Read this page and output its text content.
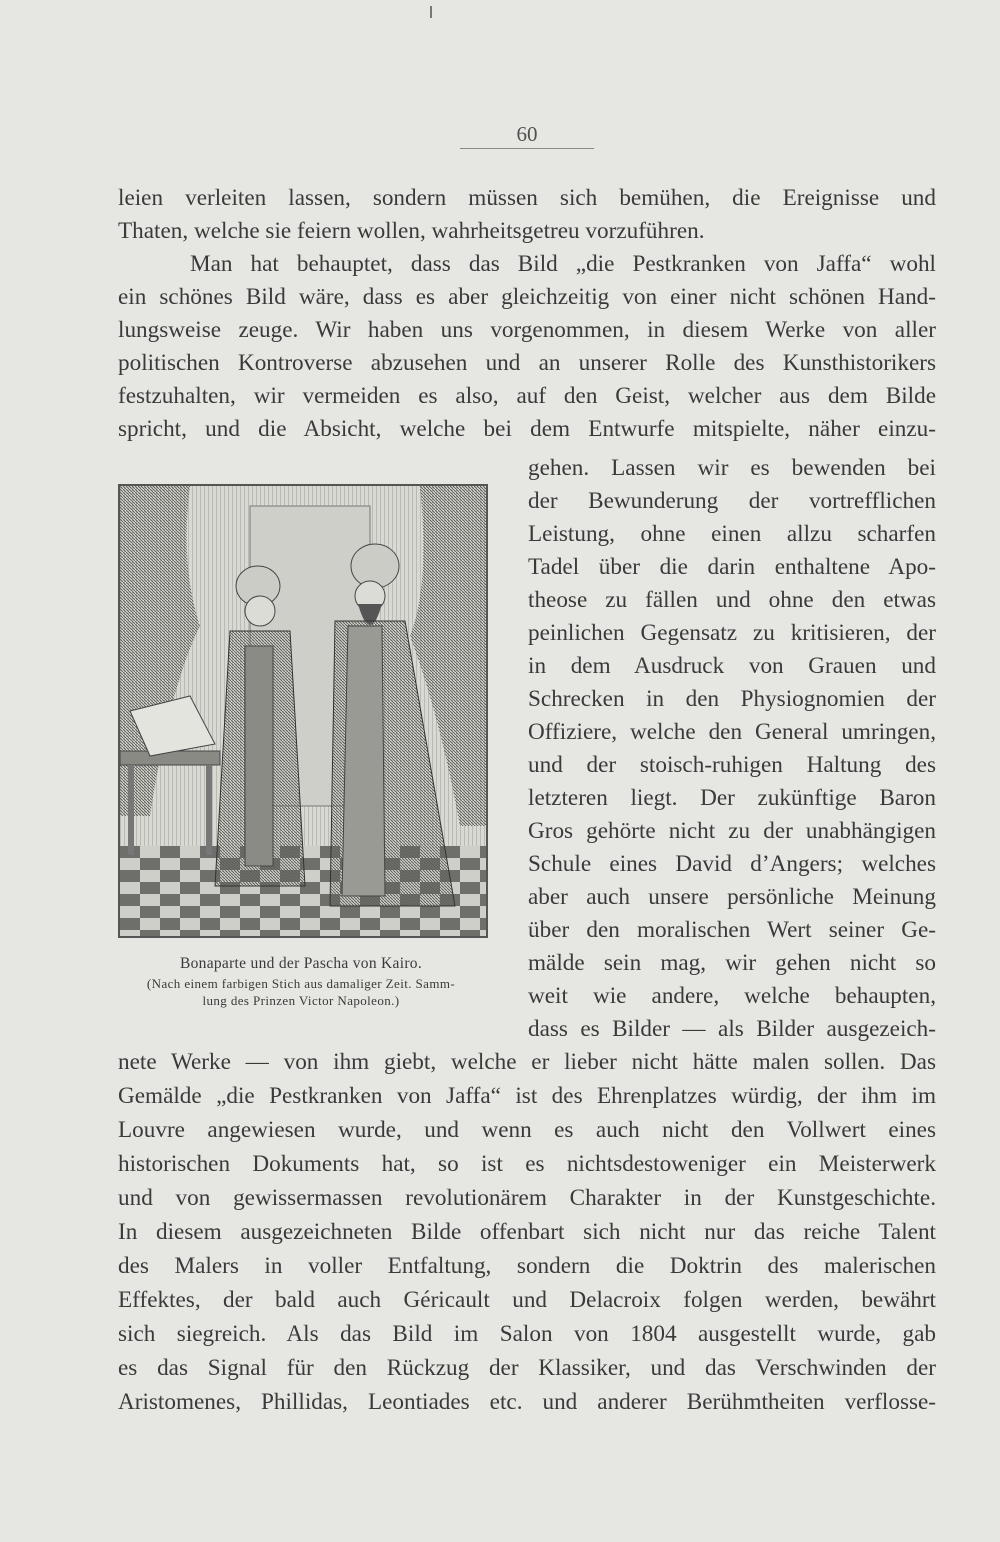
60
leien verleiten lassen, sondern müssen sich bemühen, die Ereignisse und
Thaten, welche sie feiern wollen, wahrheitsgetreu vorzuführen.
Man hat behauptet, dass das Bild „die Pestkranken von Jaffa“ wohl
ein schönes Bild wäre, dass es aber gleichzeitig von einer nicht schönen Hand-
lungsweise zeuge. Wir haben uns vorgenommen, in diesem Werke von aller
politischen Kontroverse abzusehen und an unserer Rolle des Kunsthistorikers
festzuhalten, wir vermeiden es also, auf den Geist, welcher aus dem Bilde
spricht, und die Absicht, welche bei dem Entwurfe mitspielte, näher einzu-
gehen. Lassen wir es bewenden bei
der Bewunderung der vortrefflichen
Leistung, ohne einen allzu scharfen
Tadel über die darin enthaltene Apo-
theose zu fällen und ohne den etwas
peinlichen Gegensatz zu kritisieren, der
in dem Ausdruck von Grauen und
Schrecken in den Physiognomien der
Offiziere, welche den General umringen,
und der stoisch-ruhigen Haltung des
letzteren liegt. Der zukünftige Baron
Gros gehörte nicht zu der unabhängigen
Schule eines David d’Angers; welches
aber auch unsere persönliche Meinung
über den moralischen Wert seiner Ge-
mälde sein mag, wir gehen nicht so
weit wie andere, welche behaupten,
dass es Bilder — als Bilder ausgezeich-
Bonaparte und der Pascha von Kairo.
(Nach einem farbigen Stich aus damaliger Zeit. Samm-
lung des Prinzen Victor Napoleon.)
nete Werke — von ihm giebt, welche er lieber nicht hätte malen sollen. Das
Gemälde „die Pestkranken von Jaffa“ ist des Ehrenplatzes würdig, der ihm im
Louvre angewiesen wurde, und wenn es auch nicht den Vollwert eines
historischen Dokuments hat, so ist es nichtsdestoweniger ein Meisterwerk
und von gewissermassen revolutionärem Charakter in der Kunstgeschichte.
In diesem ausgezeichneten Bilde offenbart sich nicht nur das reiche Talent
des Malers in voller Entfaltung, sondern die Doktrin des malerischen
Effektes, der bald auch Géricault und Delacroix folgen werden, bewährt
sich siegreich. Als das Bild im Salon von 1804 ausgestellt wurde, gab
es das Signal für den Rückzug der Klassiker, und das Verschwinden der
Aristomenes, Phillidas, Leontiades etc. und anderer Berühmtheiten verflosse-
